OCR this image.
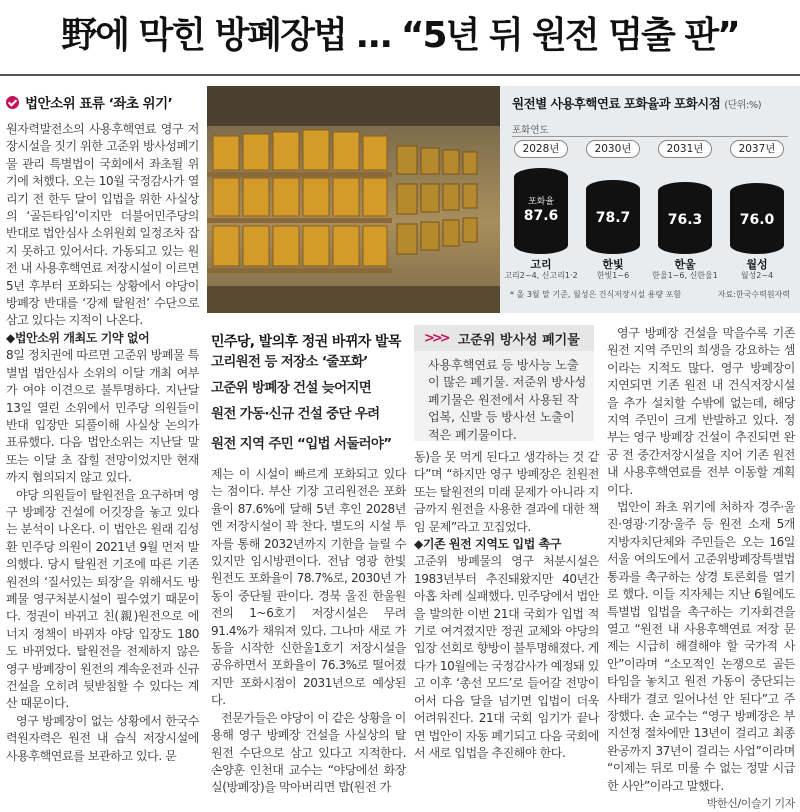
野에 막힌 방폐장법 … “5년 뒤 원전 멈출 판”
법안소위 표류 ‘좌초 위기’

원자력발전소의 사용후핵연료 영구 저장시설을 짓기 위한 고준위 방사성폐기물 관리 특별법이 국회에서 좌초될 위기에 처했다. 오는 10월 국정감사가 열리기 전 한두 달이 입법을 위한 사실상의 ‘골든타임’이지만 더불어민주당의 반대로 법안심사 소위원회 일정조차 잡지 못하고 있어서다. 가동되고 있는 원전 내 사용후핵연료 저장시설이 이르면 5년 후부터 포화되는 상황에서 야당이 방폐장 반대를 ‘강제 탈원전’ 수단으로 삼고 있다는 지적이 나온다.

◆법안소위 개최도 기약 없어

8일 정치권에 따르면 고준위 방폐물 특별법 법안심사 소위의 이달 개최 여부가 여야 이견으로 불투명하다. 지난달 13일 열린 소위에서 민주당 의원들이 반대 입장만 되풀이해 사실상 논의가 표류했다. 다음 법안소위는 지난달 말 또는 이달 초 잡힐 전망이었지만 현재까지 협의되지 않고 있다.

야당 의원들이 탈원전을 요구하며 영구 방폐장 건설에 어깃장을 놓고 있다는 분석이 나온다. 이 법안은 원래 김성환 민주당 의원이 2021년 9월 먼저 발의했다. 당시 탈원전 기조에 따른 기존 원전의 ‘질서있는 퇴장’을 위해서도 방폐물 영구처분시설이 필수였기 때문이다. 정권이 바뀌고 친(親)원전으로 에너지 정책이 바뀌자 야당 입장도 180도 바뀌었다. 탈원전을 전제하지 않은 영구 방폐장이 원전의 계속운전과 신규 건설을 오히려 뒷받침할 수 있다는 계산 때문이다.

영구 방폐장이 없는 상황에서 한국수력원자력은 원전 내 습식 저장시설에 사용후핵연료를 보관하고 있다. 문

원전별 사용후핵연료 포화율과 포화시점 (단위:%)
포화연도
2028년
포화율
87.6
고리
고리2~4, 신고리1·2
2030년
78.7
한빛
한빛1~6
2031년
76.3
한울
한울1~6, 신한울1
2037년
76.0
월성
월성2~4
* 올 3월 말 기준, 월성은 건식저장시설 용량 포함	자료:한국수력원자력
민주당, 발의후 정권 바뀌자 발목
고리원전 등 저장소 ‘줄포화’
고준위 방폐장 건설 늦어지면
원전 가동·신규 건설 중단 우려
원전 지역 주민 “입법 서둘러야”

제는 이 시설이 빠르게 포화되고 있다는 점이다. 부산 기장 고리원전은 포화율이 87.6%에 달해 5년 후인 2028년엔 저장시설이 꽉 찬다. 별도의 시설 투자를 통해 2032년까지 기한을 늘릴 수 있지만 임시방편이다. 전남 영광 한빛원전도 포화율이 78.7%로, 2030년 가동이 중단될 판이다. 경북 울진 한울원전의 1~6호기 저장시설은 무려 91.4%가 채워져 있다. 그나마 새로 가동을 시작한 신한울1호기 저장시설을 공유하면서 포화율이 76.3%로 떨어졌지만 포화시점이 2031년으로 예상된다.

전문가들은 야당이 이 같은 상황을 이용해 영구 방폐장 건설을 사실상의 탈원전 수단으로 삼고 있다고 지적한다. 손양훈 인천대 교수는 “야당에선 화장실(방폐장)을 막아버리면 밥(원전 가

>>> 고준위 방사성 폐기물
사용후핵연료 등 방사능 노출이 많은 폐기물. 저준위 방사성 폐기물은 원전에서 사용된 작업복, 신발 등 방사선 노출이 적은 폐기물이다.

동)을 못 먹게 된다고 생각하는 것 같다”며 “하지만 영구 방폐장은 친원전 또는 탈원전의 미래 문제가 아니라 지금까지 원전을 사용한 결과에 대한 책임 문제”라고 꼬집었다.

◆기존 원전 지역도 입법 촉구

고준위 방폐물의 영구 처분시설은 1983년부터 추진돼왔지만 40년간 아홉 차례 실패했다. 민주당에서 법안을 발의한 이번 21대 국회가 입법 적기로 여겨졌지만 정권 교체와 야당의 입장 선회로 향방이 불투명해졌다. 게다가 10월에는 국정감사가 예정돼 있고 이후 ‘총선 모드’로 들어갈 전망이어서 다음 달을 넘기면 입법이 더욱 어려워진다. 21대 국회 임기가 끝나면 법안이 자동 폐기되고 다음 국회에서 새로 입법을 추진해야 한다.

영구 방폐장 건설을 막을수록 기존 원전 지역 주민의 희생을 강요하는 셈이라는 지적도 많다. 영구 방폐장이 지연되면 기존 원전 내 건식저장시설을 추가 설치할 수밖에 없는데, 해당 지역 주민이 크게 반발하고 있다. 정부는 영구 방폐장 건설이 추진되면 완공 전 중간저장시설을 지어 기존 원전 내 사용후핵연료를 전부 이동할 계획이다.

법안이 좌초 위기에 처하자 경주·울진·영광·기장·울주 등 원전 소재 5개 지방자치단체와 주민들은 오는 16일 서울 여의도에서 고준위방폐장특별법 통과를 촉구하는 상경 토론회를 열기로 했다. 이들 지자체는 지난 6월에도 특별법 입법을 촉구하는 기자회견을 열고 “원전 내 사용후핵연료 저장 문제는 시급히 해결해야 할 국가적 사안”이라며 “소모적인 논쟁으로 골든타임을 놓치고 원전 가동이 중단되는 사태가 결코 일어나선 안 된다”고 주장했다. 손 교수는 “영구 방폐장은 부지선정 절차에만 13년이 걸리고 최종 완공까지 37년이 걸리는 사업”이라며 “이제는 뒤로 미룰 수 없는 정말 시급한 사안”이라고 말했다.

박한신/이슬기 기자
